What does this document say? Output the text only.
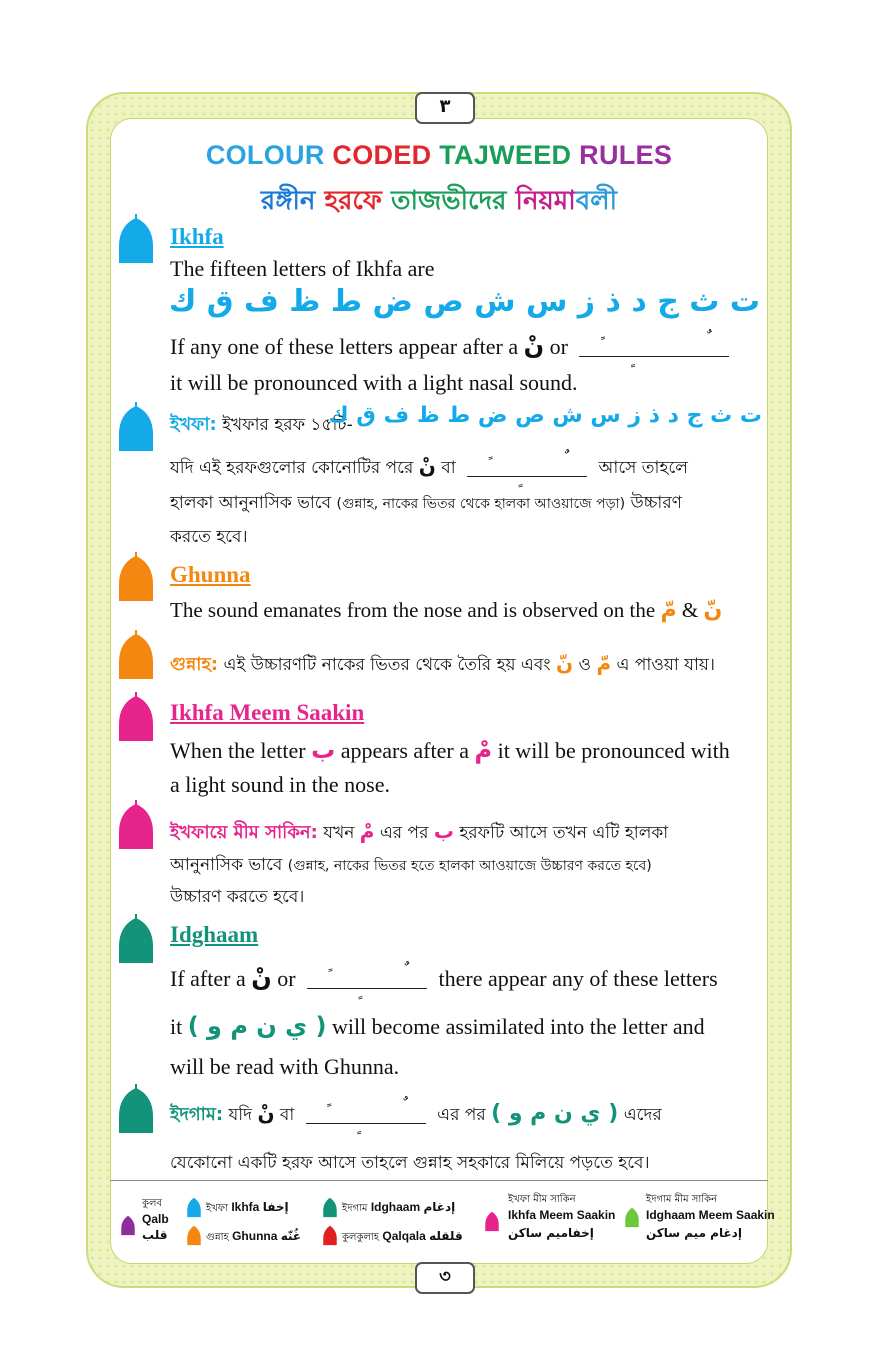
٣
৩
COLOUR CODED TAJWEED RULES
রঙ্গীন হরফে তাজভীদের নিয়মাবলী
Ikhfa
The fifteen letters of Ikhfa are
ت ث ج د ذ ز س ش ص ض ط ظ ف ق ك
If any one of these letters appear after a نْ or
it will be pronounced with a light nasal sound.
ইখফা: ইখফার হরফ ১৫টি-
ت ث ج د ذ ز س ش ص ض ط ظ ف ق ك
যদি এই হরফগুলোর কোনোটির পরে نْ বা	আসে তাহলে
হালকা আনুনাসিক ভাবে (গুন্নাহ, নাকের ভিতর থেকে হালকা আওয়াজে পড়া) উচ্চারণ
করতে হবে।
Ghunna
The sound emanates from the nose and is observed on the نّ & مّ
গুন্নাহ: এই উচ্চারণটি নাকের ভিতর থেকে তৈরি হয় এবং نّ ও مّ এ পাওয়া যায়।
Ikhfa Meem Saakin
When the letter ب appears after a مْ it will be pronounced with
a light sound in the nose.
ইখফায়ে মীম সাকিন: যখন مْ এর পর ب হরফটি আসে তখন এটি হালকা
আনুনাসিক ভাবে (গুন্নাহ, নাকের ভিতর হতে হালকা আওয়াজে উচ্চারণ করতে হবে)
উচ্চারণ করতে হবে।
Idghaam
If after a نْ or	there appear any of these letters
it ( ي ن م و ) will become assimilated into the letter and
will be read with Ghunna.
ইদগাম: যদি نْ বা	এর পর ( ي ن م و ) এদের
যেকোনো একটি হরফ আসে তাহলে গুন্নাহ সহকারে মিলিয়ে পড়তে হবে।
কুলব
Qalb
قلب
ইখফা Ikhfa إخفا
গুন্নাহ Ghunna غُنّه
ইদগাম Idghaam إدغام
কুলকুলাহ Qalqala قلقله
ইখফা মীম সাকিন
Ikhfa Meem Saakin
إخفاميم ساكن
ইদগাম মীম সাকিন
Idghaam Meem Saakin
إدغام ميم ساكن
